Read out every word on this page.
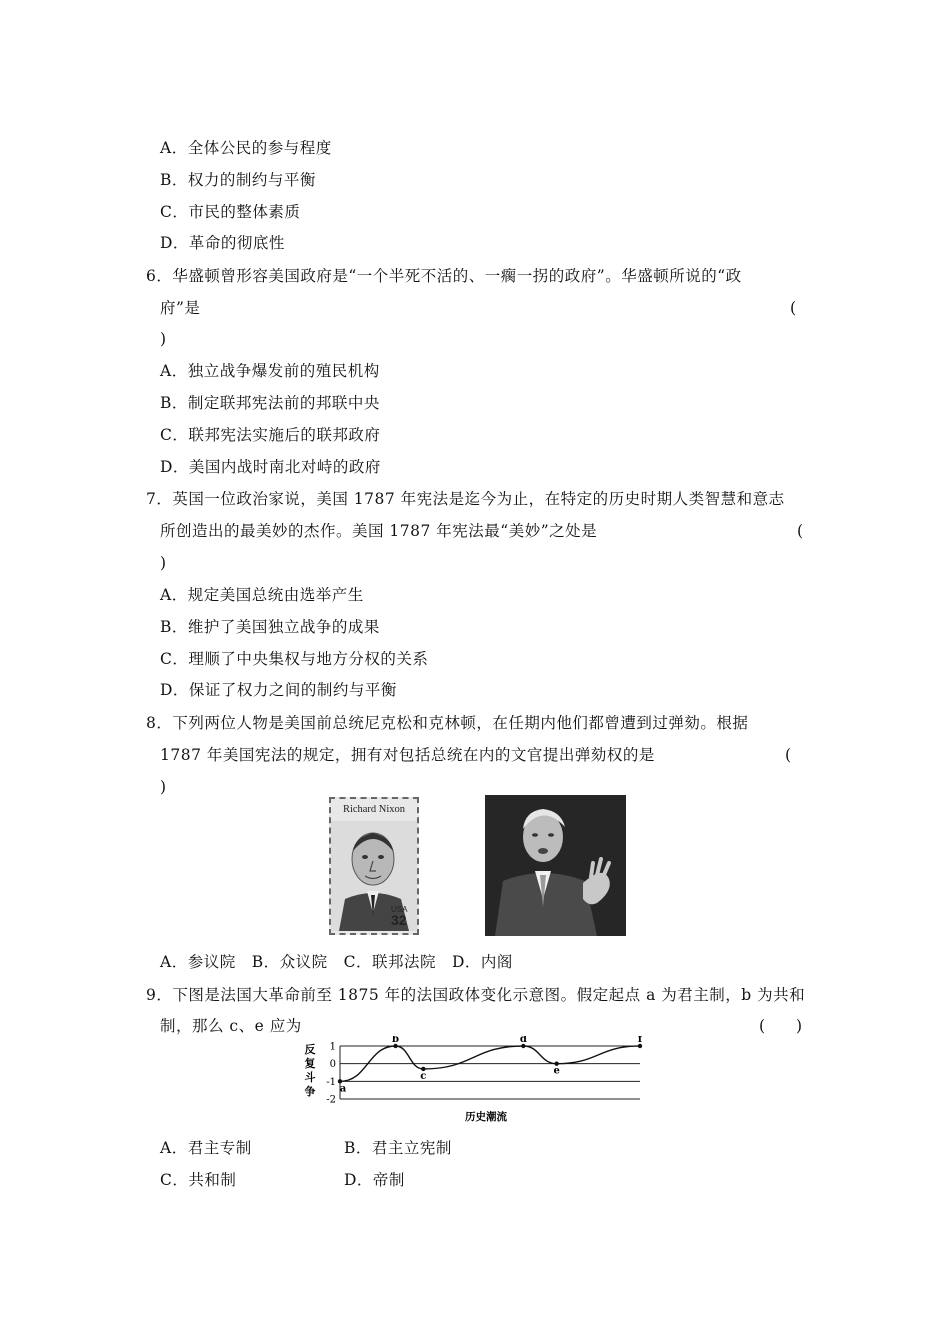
A．全体公民的参与程度
B．权力的制约与平衡
C．市民的整体素质
D．革命的彻底性
6．华盛顿曾形容美国政府是“一个半死不活的、一瘸一拐的政府”。华盛顿所说的“政
府”是	(
)
A．独立战争爆发前的殖民机构
B．制定联邦宪法前的邦联中央
C．联邦宪法实施后的联邦政府
D．美国内战时南北对峙的政府
7．英国一位政治家说，美国 1787 年宪法是迄今为止，在特定的历史时期人类智慧和意志
所创造出的最美妙的杰作。美国 1787 年宪法最“美妙”之处是	(
)
A．规定美国总统由选举产生
B．维护了美国独立战争的成果
C．理顺了中央集权与地方分权的关系
D．保证了权力之间的制约与平衡
8．下列两位人物是美国前总统尼克松和克林顿，在任期内他们都曾遭到过弹劾。根据
1787 年美国宪法的规定，拥有对包括总统在内的文官提出弹劾权的是	(
)
Richard Nixon
USA
32
A．参议院　B．众议院　C．联邦法院　D．内阁
9．下图是法国大革命前至 1875 年的法国政体变化示意图。假定起点 a 为君主制，b 为共和
制，那么 c、e 应为	(　　)
反
复
斗
争
1
0
-1
-2
a
b
c
d
e
f
历史潮流
A．君主专制	B．君主立宪制
C．共和制	D．帝制
